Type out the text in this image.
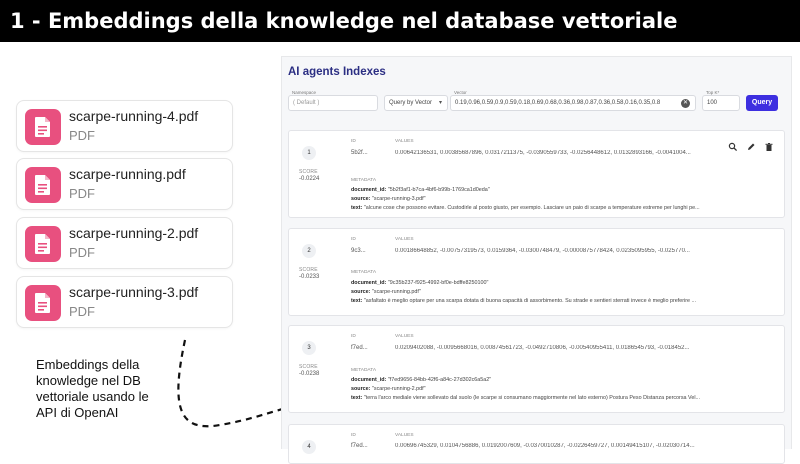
1 - Embeddings della knowledge nel database vettoriale
scarpe-running-4.pdf
PDF
scarpe-running.pdf
PDF
scarpe-running-2.pdf
PDF
scarpe-running-3.pdf
PDF
Embeddings della knowledge nel DB vettoriale usando le API di OpenAI
AI agents Indexes
Namespace
( Default )	Query by Vector ▾
Vector
0.19,0.96,0.59,0.9,0.59,0.18,0.69,0.68,0.36,0.98,0.87,0.36,0.58,0.16,0.35,0.8	✕
Top K*
100	Query
1
SCORE
-0.0224
ID	VALUES
5b2f...	0.00642136531, 0.00385687896, 0.0317211375, -0.0390559733, -0.0256448612, 0.0132893166, -0.0041004...
METADATA
document_id: "5b2f3af1-b7ca-4bf6-b99b-1769ca1d0eda"
source: "scarpe-running-3.pdf"
text: "alcune cose che possono evitare. Custodirle al posto giusto, per esempio. Lasciare un paio di scarpe a temperature estreme per lunghi pe...
2
SCORE
-0.0233
ID	VALUES
9c3...	0.00186648852, -0.00757319573, 0.0159364, -0.0300748479, -0.0000875778424, 0.0235095955, -0.025770...
METADATA
document_id: "9c35b237-f925-4992-bf0e-bdffe8250100"
source: "scarpe-running.pdf"
text: "asfaltato è meglio optare per una scarpa dotata di buona capacità di assorbimento. Su strade e sentieri sterrati invece è meglio preferire ...
3
SCORE
-0.0238
ID	VALUES
f7ed...	0.0209402088, -0.0095668016, 0.00874561723, -0.0492710806, -0.00540955411, 0.0186545793, -0.018452...
METADATA
document_id: "f7ed9656-84bb-42f6-a84c-27d302c6a5a2"
source: "scarpe-running-2.pdf"
text: "terra l'arco mediale viene sollevato dal suolo (le scarpe si consumano maggiormente nel lato esterno) Postura Peso Distanza percorsa Vel...
4
ID	VALUES
f7ed...	0.00696745329, 0.0104756886, 0.0192007609, -0.0370010287, -0.0226459727, 0.00149415107, -0.02030714...
